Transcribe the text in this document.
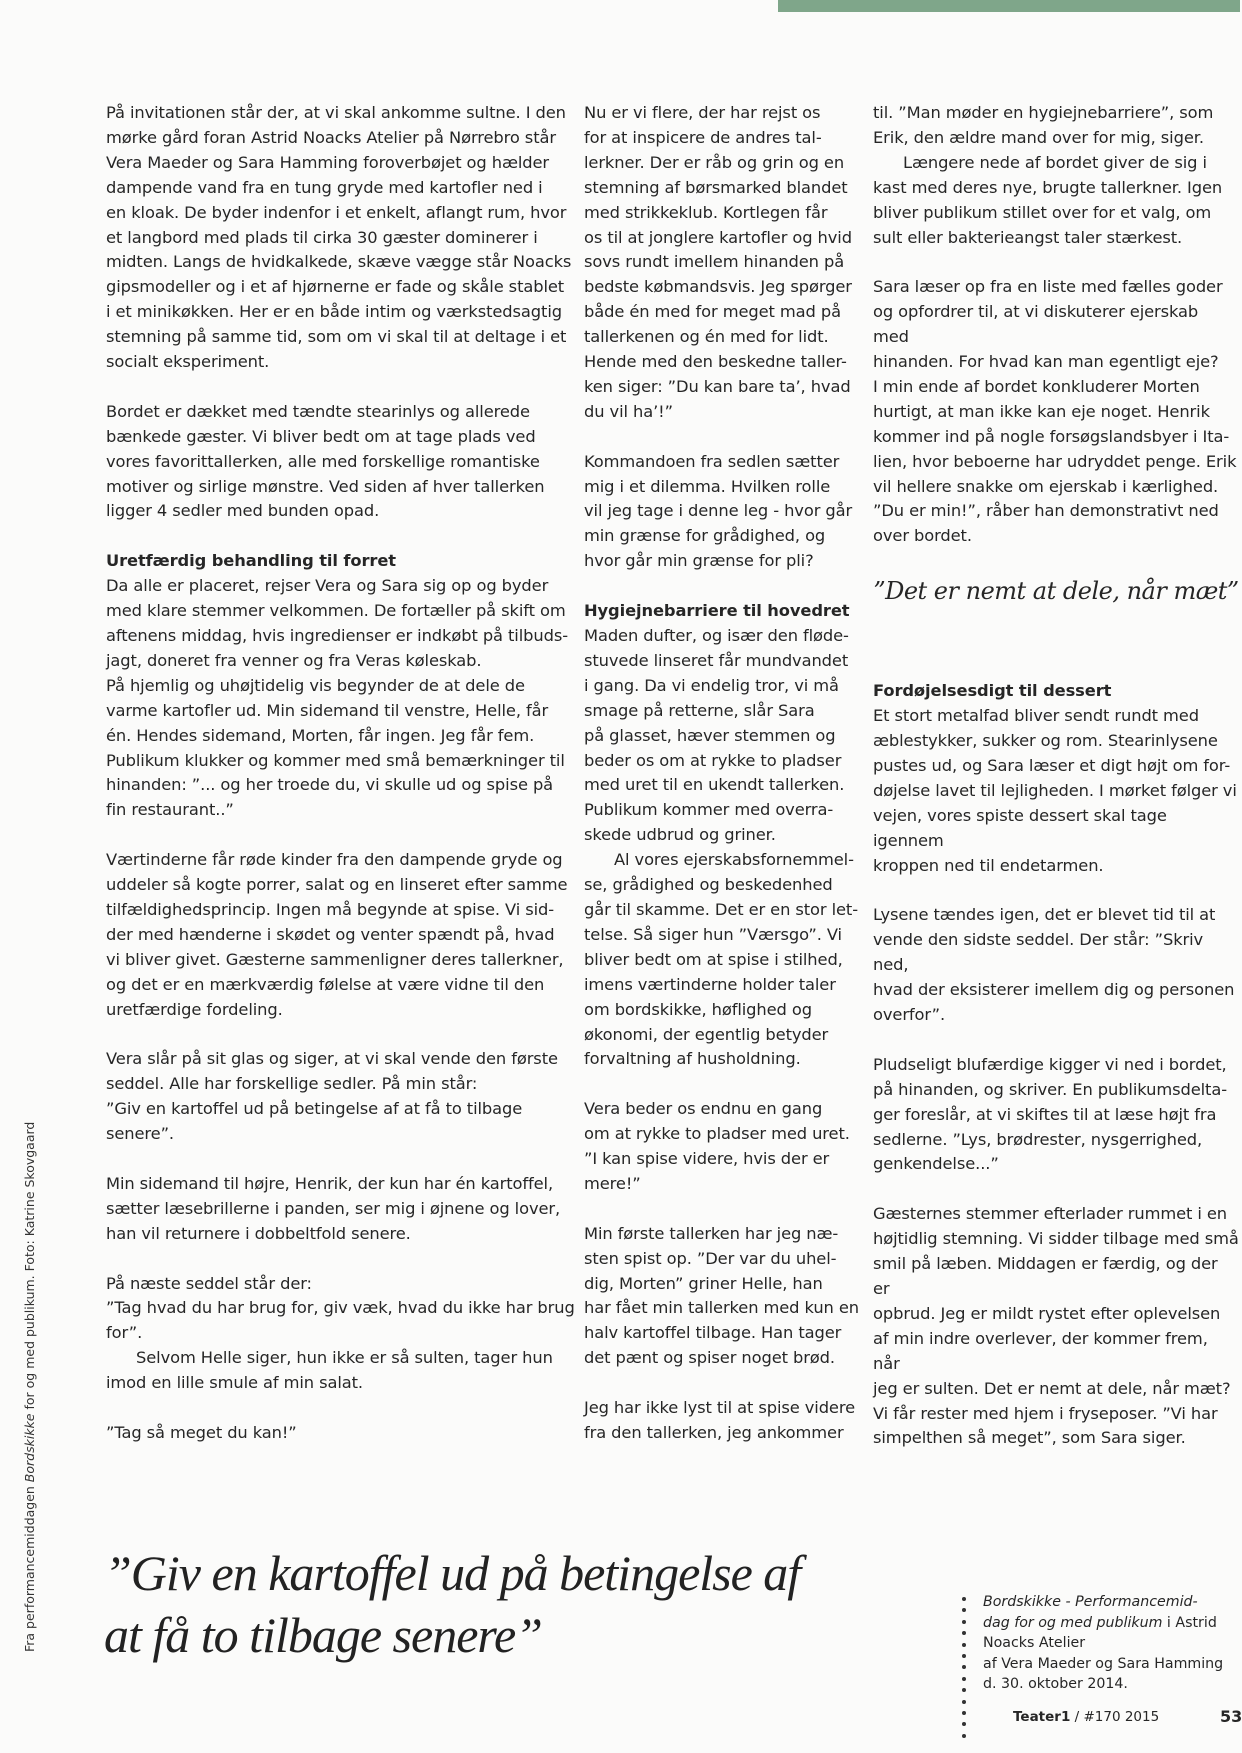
Fra performancemiddagen Bordskikke for og med publikum. Foto: Katrine Skovgaard

På invitationen står der, at vi skal ankomme sultne. I den
mørke gård foran Astrid Noacks Atelier på Nørrebro står
Vera Maeder og Sara Hamming foroverbøjet og hælder
dampende vand fra en tung gryde med kartofler ned i
en kloak. De byder indenfor i et enkelt, aflangt rum, hvor
et langbord med plads til cirka 30 gæster dominerer i
midten. Langs de hvidkalkede, skæve vægge står Noacks
gipsmodeller og i et af hjørnerne er fade og skåle stablet
i et minikøkken. Her er en både intim og værkstedsagtig
stemning på samme tid, som om vi skal til at deltage i et
socialt eksperiment.

Bordet er dækket med tændte stearinlys og allerede
bænkede gæster. Vi bliver bedt om at tage plads ved
vores favorittallerken, alle med forskellige romantiske
motiver og sirlige mønstre. Ved siden af hver tallerken
ligger 4 sedler med bunden opad.

Uretfærdig behandling til forret

Da alle er placeret, rejser Vera og Sara sig op og byder
med klare stemmer velkommen. De fortæller på skift om
aftenens middag, hvis ingredienser er indkøbt på tilbuds-
jagt, doneret fra venner og fra Veras køleskab.
På hjemlig og uhøjtidelig vis begynder de at dele de
varme kartofler ud. Min sidemand til venstre, Helle, får
én. Hendes sidemand, Morten, får ingen. Jeg får fem.
Publikum klukker og kommer med små bemærkninger til
hinanden: ”... og her troede du, vi skulle ud og spise på
fin restaurant..”

Værtinderne får røde kinder fra den dampende gryde og
uddeler så kogte porrer, salat og en linseret efter samme
tilfældighedsprincip. Ingen må begynde at spise. Vi sid-
der med hænderne i skødet og venter spændt på, hvad
vi bliver givet. Gæsterne sammenligner deres tallerkner,
og det er en mærkværdig følelse at være vidne til den
uretfærdige fordeling.

Vera slår på sit glas og siger, at vi skal vende den første
seddel. Alle har forskellige sedler. På min står:
”Giv en kartoffel ud på betingelse af at få to tilbage
senere”.

Min sidemand til højre, Henrik, der kun har én kartoffel,
sætter læsebrillerne i panden, ser mig i øjnene og lover,
han vil returnere i dobbeltfold senere.

På næste seddel står der:
”Tag hvad du har brug for, giv væk, hvad du ikke har brug
for”.

Selvom Helle siger, hun ikke er så sulten, tager hun
imod en lille smule af min salat.

”Tag så meget du kan!”

Nu er vi flere, der har rejst os
for at inspicere de andres tal-
lerkner. Der er råb og grin og en
stemning af børsmarked blandet
med strikkeklub. Kortlegen får
os til at jonglere kartofler og hvid
sovs rundt imellem hinanden på
bedste købmandsvis. Jeg spørger
både én med for meget mad på
tallerkenen og én med for lidt.
Hende med den beskedne taller-
ken siger: ”Du kan bare ta’, hvad
du vil ha’!”

Kommandoen fra sedlen sætter
mig i et dilemma. Hvilken rolle
vil jeg tage i denne leg - hvor går
min grænse for grådighed, og
hvor går min grænse for pli?

Hygiejnebarriere til hovedret

Maden dufter, og især den fløde-
stuvede linseret får mundvandet
i gang. Da vi endelig tror, vi må
smage på retterne, slår Sara
på glasset, hæver stemmen og
beder os om at rykke to pladser
med uret til en ukendt tallerken.
Publikum kommer med overra-
skede udbrud og griner.

Al vores ejerskabsfornemmel-
se, grådighed og beskedenhed
går til skamme. Det er en stor let-
telse. Så siger hun ”Værsgo”. Vi
bliver bedt om at spise i stilhed,
imens værtinderne holder taler
om bordskikke, høflighed og
økonomi, der egentlig betyder
forvaltning af husholdning.

Vera beder os endnu en gang
om at rykke to pladser med uret.
”I kan spise videre, hvis der er
mere!”

Min første tallerken har jeg næ-
sten spist op. ”Der var du uhel-
dig, Morten” griner Helle, han
har fået min tallerken med kun en
halv kartoffel tilbage. Han tager
det pænt og spiser noget brød.

Jeg har ikke lyst til at spise videre
fra den tallerken, jeg ankommer

til. ”Man møder en hygiejnebarriere”, som
Erik, den ældre mand over for mig, siger.

Længere nede af bordet giver de sig i
kast med deres nye, brugte tallerkner. Igen
bliver publikum stillet over for et valg, om
sult eller bakterieangst taler stærkest.

Sara læser op fra en liste med fælles goder
og opfordrer til, at vi diskuterer ejerskab med
hinanden. For hvad kan man egentligt eje?
I min ende af bordet konkluderer Morten
hurtigt, at man ikke kan eje noget. Henrik
kommer ind på nogle forsøgslandsbyer i Ita-
lien, hvor beboerne har udryddet penge. Erik
vil hellere snakke om ejerskab i kærlighed.
”Du er min!”, råber han demonstrativt ned
over bordet.

Fordøjelsesdigt til dessert

Et stort metalfad bliver sendt rundt med
æblestykker, sukker og rom. Stearinlysene
pustes ud, og Sara læser et digt højt om for-
døjelse lavet til lejligheden. I mørket følger vi
vejen, vores spiste dessert skal tage igennem
kroppen ned til endetarmen.

Lysene tændes igen, det er blevet tid til at
vende den sidste seddel. Der står: ”Skriv ned,
hvad der eksisterer imellem dig og personen
overfor”.

Pludseligt blufærdige kigger vi ned i bordet,
på hinanden, og skriver. En publikumsdelta-
ger foreslår, at vi skiftes til at læse højt fra
sedlerne. ”Lys, brødrester, nysgerrighed,
genkendelse...”

Gæsternes stemmer efterlader rummet i en
højtidlig stemning. Vi sidder tilbage med små
smil på læben. Middagen er færdig, og der er
opbrud. Jeg er mildt rystet efter oplevelsen
af min indre overlever, der kommer frem, når
jeg er sulten. Det er nemt at dele, når mæt?
Vi får rester med hjem i fryseposer. ”Vi har
simpelthen så meget”, som Sara siger.

”Det er nemt at dele, når mæt”
”Giv en kartoffel ud på betingelse af
at få to tilbage senere”
Bordskikke - Performancemid-
dag for og med publikum i Astrid
Noacks Atelier
af Vera Maeder og Sara Hamming
d. 30. oktober 2014.
Teater1 / #170 2015	53
